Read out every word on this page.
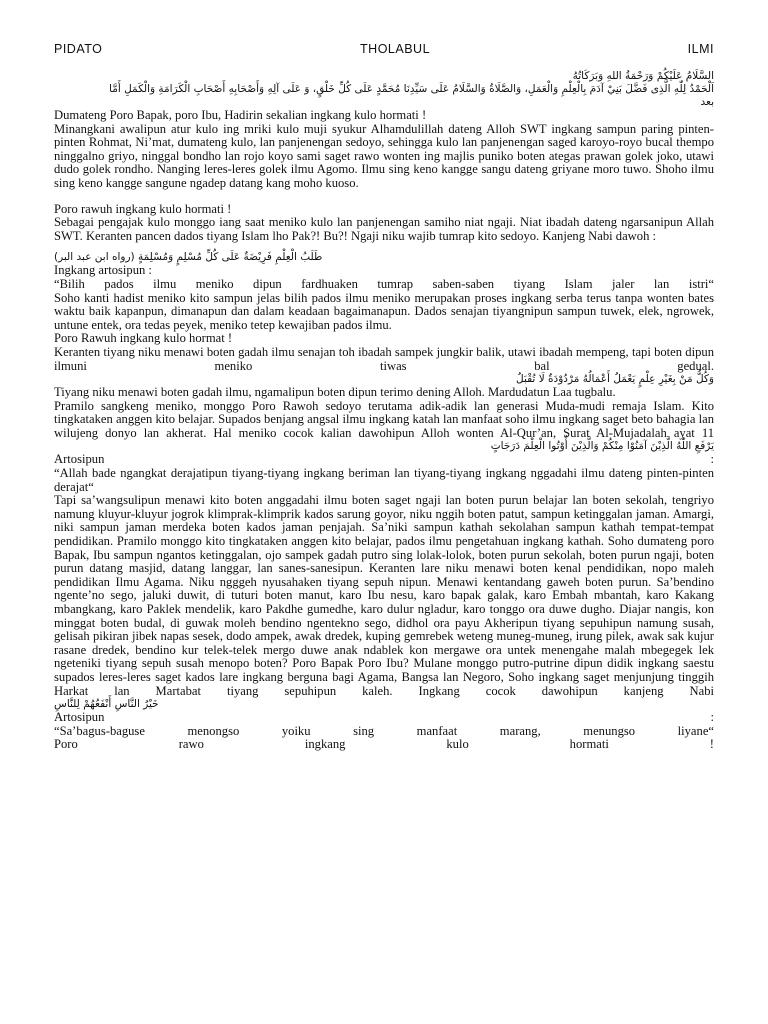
PIDATO	THOLABUL	ILMI
السَّلَامُ عَلَيْكُمْ وَرَحْمَةُ اللهِ وَبَرَكَاتُهُ
اَلْحَمْدُ لِلّٰهِ الَّذِى فَضَّلَ بَنِيْ آدَمَ بِالْعِلْمِ وَالْعَمَلِ، وَالصَّلَاةُ وَالسَّلَامُ عَلَى سَيِّدِنَا مُحَمَّدٍ عَلَى كُلِّ خَلْقٍ، وَ عَلَى آلِهِ وَأَصْحَابِهِ أَصْحَابِ الْكَرَامَةِ وَالْكَمَلِ أَمَّا
بعد

Dumateng Poro Bapak, poro Ibu, Hadirin sekalian ingkang kulo hormati !

Minangkani awalipun atur kulo ing mriki kulo muji syukur Alhamdulillah dateng Alloh SWT ingkang sampun paring pinten-pinten Rohmat, Ni’mat, dumateng kulo, lan panjenengan sedoyo, sehingga kulo lan panjenengan saged karoyo-royo bucal thempo ninggalno griyo, ninggal bondho lan rojo koyo sami saget rawo wonten ing majlis puniko boten ategas prawan golek joko, utawi dudo golek rondho. Nanging leres-leres golek ilmu Agomo. Ilmu sing keno kangge sangu dateng griyane moro tuwo. Shoho ilmu sing keno kangge sangune ngadep datang kang moho kuoso.

Poro rawuh ingkang kulo hormati !

Sebagai pengajak kulo monggo iang saat meniko kulo lan panjenengan samiho niat ngaji. Niat ibadah dateng ngarsanipun Allah SWT. Keranten pancen dados tiyang Islam lho Pak?! Bu?! Ngaji niku wajib tumrap kito sedoyo. Kanjeng Nabi dawoh :

طَلَبُ الْعِلْمِ فَرِيْضَةٌ عَلَى كُلِّ مُسْلِمٍ وَمُسْلِمَةٍ (رواه ابن عبد البر)

Ingkang artosipun :

“Bilih pados ilmu meniko dipun fardhuaken tumrap saben-saben tiyang Islam jaler lan istri“

Soho kanti hadist meniko kito sampun jelas bilih pados ilmu meniko merupakan proses ingkang serba terus tanpa wonten bates waktu baik kapanpun, dimanapun dan dalam keadaan bagaimanapun. Dados senajan tiyangnipun sampun tuwek, elek, ngrowek, untune entek, ora tedas peyek, meniko tetep kewajiban pados ilmu.

Poro Rawuh ingkang kulo hormat !

Keranten tiyang niku menawi boten gadah ilmu senajan toh ibadah sampek jungkir balik, utawi ibadah mempeng, tapi boten dipun ilmuni meniko tiwas bal gedual.

وَكُلُّ مَنْ بِغَيْرِ عِلْمٍ يَعْمَلُ أَعْمَالُهُ مَرْدُوْدَةٌ لَا تُقْبَلُ

Tiyang niku menawi boten gadah ilmu, ngamalipun boten dipun terimo dening Alloh. Mardudatun Laa tugbalu.

Pramilo sangkeng meniko, monggo Poro Rawoh sedoyo terutama adik-adik lan generasi Muda-mudi remaja Islam. Kito tingkataken anggen kito belajar. Supados benjang angsal ilmu ingkang katah lan manfaat soho ilmu ingkang saget beto bahagia lan wilujeng donyo lan akherat. Hal meniko cocok kalian dawohipun Alloh wonten Al-Qur’an, Surat Al-Mujadalah ayat 11

يَرْفَعِ اللّٰهُ الَّذِيْنَ آمَنُوْا مِنْكُمْ وَالَّذِيْنَ أُوْتُوا الْعِلْمَ دَرَجَاتٍ

Artosipun	:

“Allah bade ngangkat derajatipun tiyang-tiyang ingkang beriman lan tiyang-tiyang ingkang nggadahi ilmu dateng pinten-pinten derajat“

Tapi sa’wangsulipun menawi kito boten anggadahi ilmu boten saget ngaji lan boten purun belajar lan boten sekolah, tengriyo namung kluyur-kluyur jogrok klimprak-klimprik kados sarung goyor, niku nggih boten patut, sampun ketinggalan jaman. Amargi, niki sampun jaman merdeka boten kados jaman penjajah. Sa’niki sampun kathah sekolahan sampun kathah tempat-tempat pendidikan. Pramilo monggo kito tingkataken anggen kito belajar, pados ilmu pengetahuan ingkang kathah. Soho dumateng poro Bapak, Ibu sampun ngantos ketinggalan, ojo sampek gadah putro sing lolak-lolok, boten purun sekolah, boten purun ngaji, boten purun datang masjid, datang langgar, lan sanes-sanesipun. Keranten lare niku menawi boten kenal pendidikan, nopo maleh pendidikan Ilmu Agama. Niku ngggeh nyusahaken tiyang sepuh nipun. Menawi kentandang gaweh boten purun. Sa’bendino ngente’no sego, jaluki duwit, di tuturi boten manut, karo Ibu nesu, karo bapak galak, karo Embah mbantah, karo Kakang mbangkang, karo Paklek mendelik, karo Pakdhe gumedhe, karo dulur ngladur, karo tonggo ora duwe dugho. Diajar nangis, kon minggat boten budal, di guwak moleh bendino ngentekno sego, didhol ora payu Akheripun tiyang sepuhipun namung susah, gelisah pikiran jibek napas sesek, dodo ampek, awak dredek, kuping gemrebek weteng muneg-muneg, irung pilek, awak sak kujur rasane dredek, bendino kur telek-telek mergo duwe anak ndablek kon mergawe ora untek menengahe malah mbegegek lek ngeteniki tiyang sepuh susah menopo boten? Poro Bapak Poro Ibu? Mulane monggo putro-putrine dipun didik ingkang saestu supados leres-leres saget kados lare ingkang berguna bagi Agama, Bangsa lan Negoro, Soho ingkang saget menjunjung tinggih Harkat lan Martabat tiyang sepuhipun kaleh. Ingkang cocok dawohipun kanjeng Nabi

خَيْرُ النَّاسِ أَنْفَعُهُمْ لِلنَّاسِ

Artosipun	:

“Sa’bagus-baguse menongso yoiku sing manfaat marang, menungso liyane“

Poro rawo ingkang kulo hormati !
